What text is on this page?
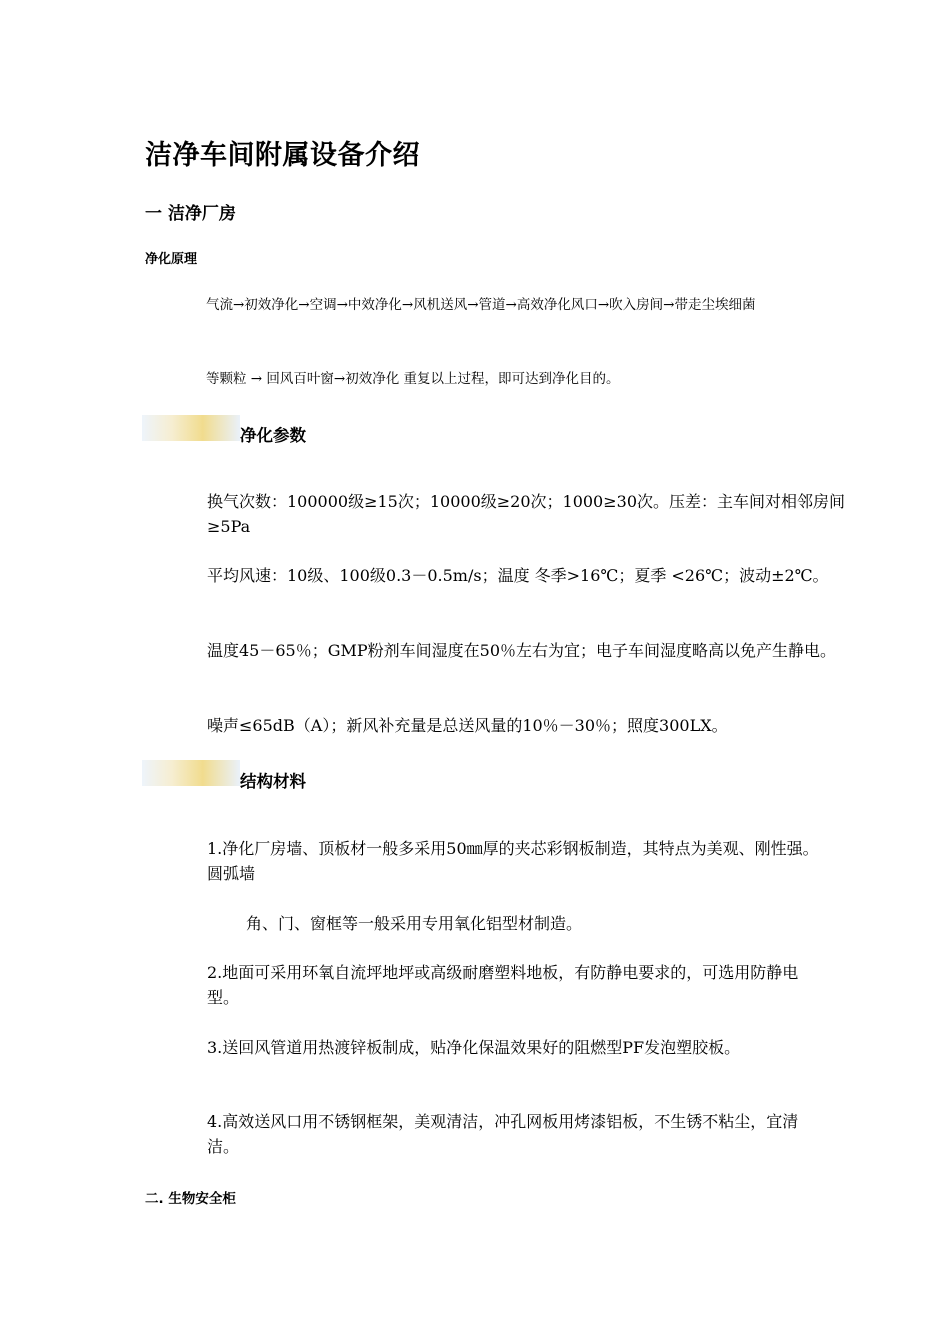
洁净车间附属设备介绍
一 洁净厂房
净化原理

气流→初效净化→空调→中效净化→风机送风→管道→高效净化风口→吹入房间→带走尘埃细菌

等颗粒 → 回风百叶窗→初效净化 重复以上过程，即可达到净化目的。

净化参数

换气次数：100000级≥15次；10000级≥20次；1000≥30次。压差：主车间对相邻房间≥5Pa

平均风速：10级、100级0.3－0.5m/s；温度 冬季>16℃；夏季 <26℃；波动±2℃。

温度45－65％；GMP粉剂车间湿度在50％左右为宜；电子车间湿度略高以免产生静电。

噪声≤65dB（A）；新风补充量是总送风量的10％－30％；照度300LX。

结构材料

1.净化厂房墙、顶板材一般多采用50㎜厚的夹芯彩钢板制造，其特点为美观、刚性强。圆弧墙

角、门、窗框等一般采用专用氧化铝型材制造。

2.地面可采用环氧自流坪地坪或高级耐磨塑料地板，有防静电要求的，可选用防静电型。

3.送回风管道用热渡锌板制成，贴净化保温效果好的阻燃型PF发泡塑胶板。

4.高效送风口用不锈钢框架，美观清洁，冲孔网板用烤漆铝板，不生锈不粘尘，宜清洁。

二. 生物安全柜
